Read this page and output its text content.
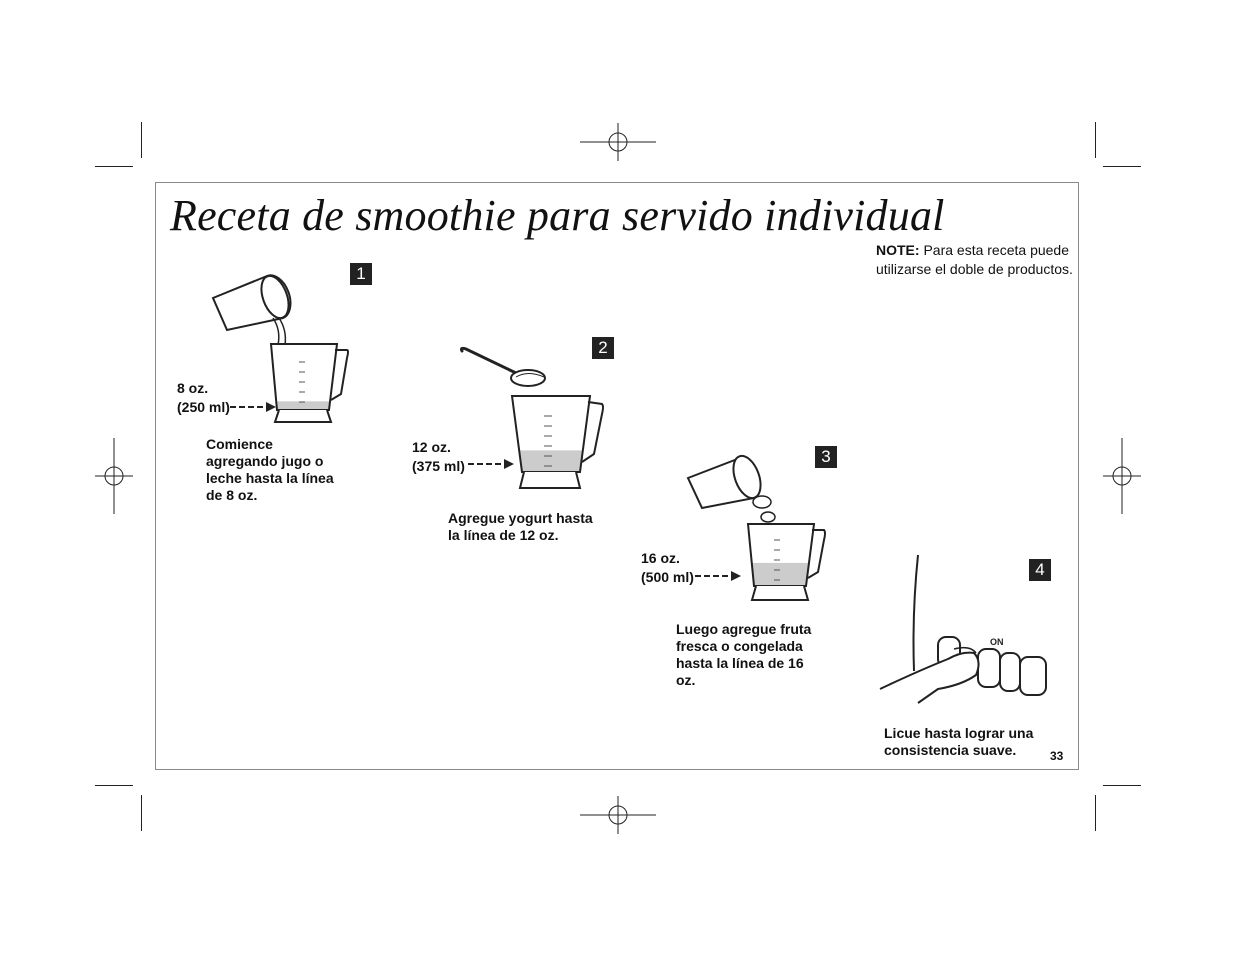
Receta de smoothie para servido individual
NOTE: Para esta receta puede utilizarse el doble de productos.
1
8 oz.
(250 ml)
Comience agregando jugo o leche hasta la línea de 8 oz.
2
12 oz.
(375 ml)
Agregue yogurt hasta la línea de 12 oz.
3
16 oz.
(500 ml)
Luego agregue fruta fresca o congelada hasta la línea de 16 oz.
4
ON
Licue hasta lograr una consistencia suave.	33
